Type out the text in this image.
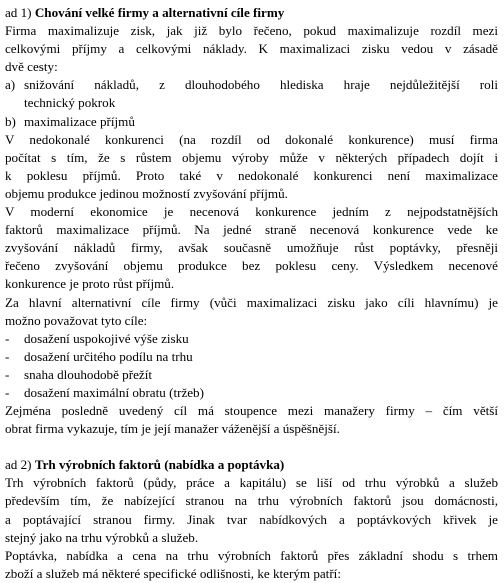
ad 1) Chování velké firmy a alternativní cíle firmy
Firma maximalizuje zisk, jak již bylo řečeno, pokud maximalizuje rozdíl mezi
celkovými příjmy a celkovými náklady. K maximalizaci zisku vedou v zásadě
dvě cesty:
a) snižování nákladů, z dlouhodobého hlediska hraje nejdůležitější roli
technický pokrok
b) maximalizace příjmů
V nedokonalé konkurenci (na rozdíl od dokonalé konkurence) musí firma
počítat s tím, že s růstem objemu výroby může v některých případech dojít i
k poklesu příjmů. Proto také v nedokonalé konkurenci není maximalizace
objemu produkce jedinou možností zvyšování příjmů.
V moderní ekonomice je necenová konkurence jedním z nejpodstatnějších
faktorů maximalizace příjmů. Na jedné straně necenová konkurence vede ke
zvyšování nákladů firmy, avšak současně umožňuje růst poptávky, přesněji
řečeno zvyšování objemu produkce bez poklesu ceny. Výsledkem necenové
konkurence je proto růst příjmů.
Za hlavní alternativní cíle firmy (vůči maximalizaci zisku jako cíli hlavnímu) je
možno považovat tyto cíle:
-	dosažení uspokojivé výše zisku
-	dosažení určitého podílu na trhu
-	snaha dlouhodobě přežít
-	dosažení maximální obratu (tržeb)
Zejména posledně uvedený cíl má stoupence mezi manažery firmy – čím větší
obrat firma vykazuje, tím je její manažer váženější a úspěšnější.
ad 2) Trh výrobních faktorů (nabídka a poptávka)
Trh výrobních faktorů (půdy, práce a kapitálu) se liší od trhu výrobků a služeb
především tím, že nabízející stranou na trhu výrobních faktorů jsou domácnosti,
a poptávající stranou firmy. Jinak tvar nabídkových a poptávkových křivek je
stejný jako na trhu výrobků a služeb.
Poptávka, nabídka a cena na trhu výrobních faktorů přes základní shodu s trhem
zboží a služeb má některé specifické odlišnosti, ke kterým patří:
